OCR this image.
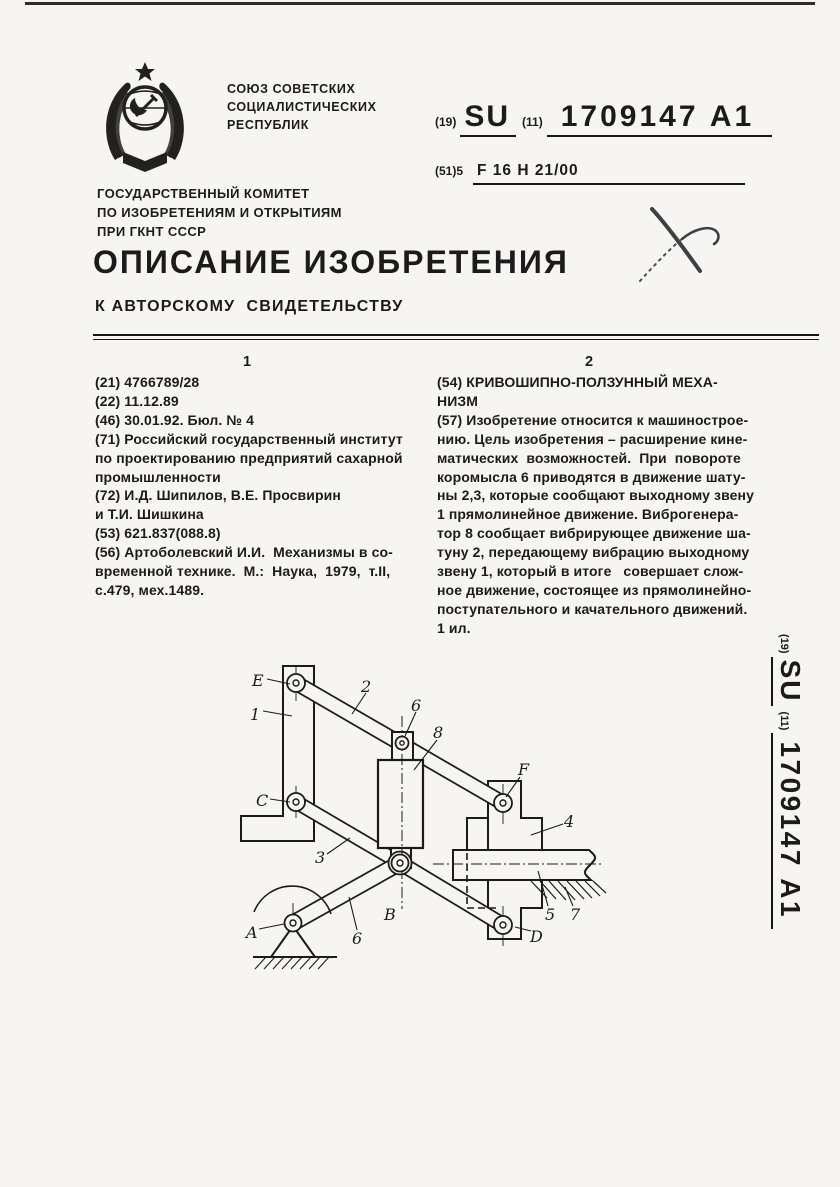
СОЮЗ СОВЕТСКИХ
СОЦИАЛИСТИЧЕСКИХ
РЕСПУБЛИК	(19) SU	(11) 1709147 А1
(51)5 F 16 H 21/00
ГОСУДАРСТВЕННЫЙ КОМИТЕТ
ПО ИЗОБРЕТЕНИЯМ И ОТКРЫТИЯМ
ПРИ ГКНТ СССР
ОПИСАНИЕ ИЗОБРЕТЕНИЯ
К АВТОРСКОМУ  СВИДЕТЕЛЬСТВУ
1	2
(21) 4766789/28
(22) 11.12.89
(46) 30.01.92. Бюл. № 4
(71) Российский государственный институт
по проектированию предприятий сахарной
промышленности
(72) И.Д. Шипилов, В.Е. Просвирин
и Т.И. Шишкина
(53) 621.837(088.8)
(56) Артоболевский И.И.  Механизмы в со-
временной технике.  М.:  Наука,  1979,  т.II,
с.479, мех.1489.
(54) КРИВОШИПНО-ПОЛЗУННЫЙ МЕХА-
НИЗМ
(57) Изобретение относится к машиностроe-
нию. Цель изобретения – расширение кине-
матических  возможностей.  При  повороте
коромысла 6 приводятся в движение шату-
ны 2,3, которые сообщают выходному звену
1 прямолинейное движение. Виброгенера-
тор 8 сообщает вибрирующее движение ша-
туну 2, передающему вибрацию выходному
звену 1, который в итоге   совершает слож-
ное движение, состоящее из прямолинейно-
поступательного и качательного движений.
1 ил.
(19)
SU
(11)
1709147 А1
E
1
C
2
6
8
F
4
3
B
A	6
5 7
D
